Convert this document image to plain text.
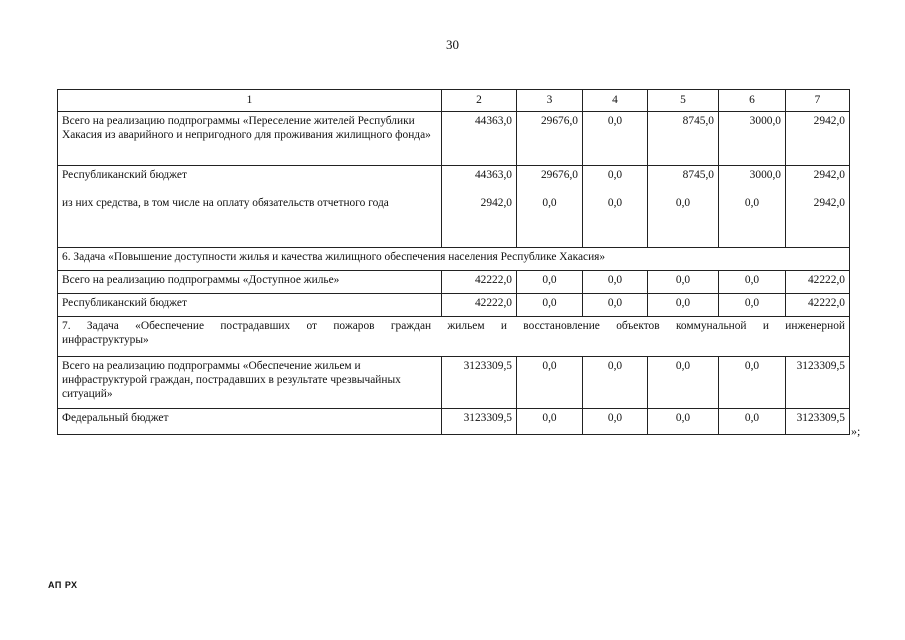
30
1	2	3	4	5	6	7
Всего на реализацию подпрограммы «Переселение жителей Республики Хакасия из аварийного и непригодного для проживания жилищного фонда»	44363,0	29676,0	0,0	8745,0	3000,0	2942,0
Республиканский бюджет	44363,0	29676,0	0,0	8745,0	3000,0	2942,0
из них средства, в том числе на оплату обязательств отчетного года	2942,0	0,0	0,0	0,0	0,0	2942,0
6. Задача «Повышение доступности жилья и качества жилищного обеспечения населения Республике Хакасия»						
Всего на реализацию подпрограммы «Доступное жилье»	42222,0	0,0	0,0	0,0	0,0	42222,0
Республиканский бюджет	42222,0	0,0	0,0	0,0	0,0	42222,0

7. Задача «Обеспечение пострадавших от пожаров граждан жильем и восстановление объектов коммунальной и инженерной
инфраструктуры»						

Всего на реализацию подпрограммы «Обеспечение жильем и инфраструктурой граждан, пострадавших в результате чрезвычайных ситуаций»	3123309,5	0,0	0,0	0,0	0,0	3123309,5
Федеральный бюджет	3123309,5	0,0	0,0	0,0	0,0	3123309,5
»;
АП РХ
